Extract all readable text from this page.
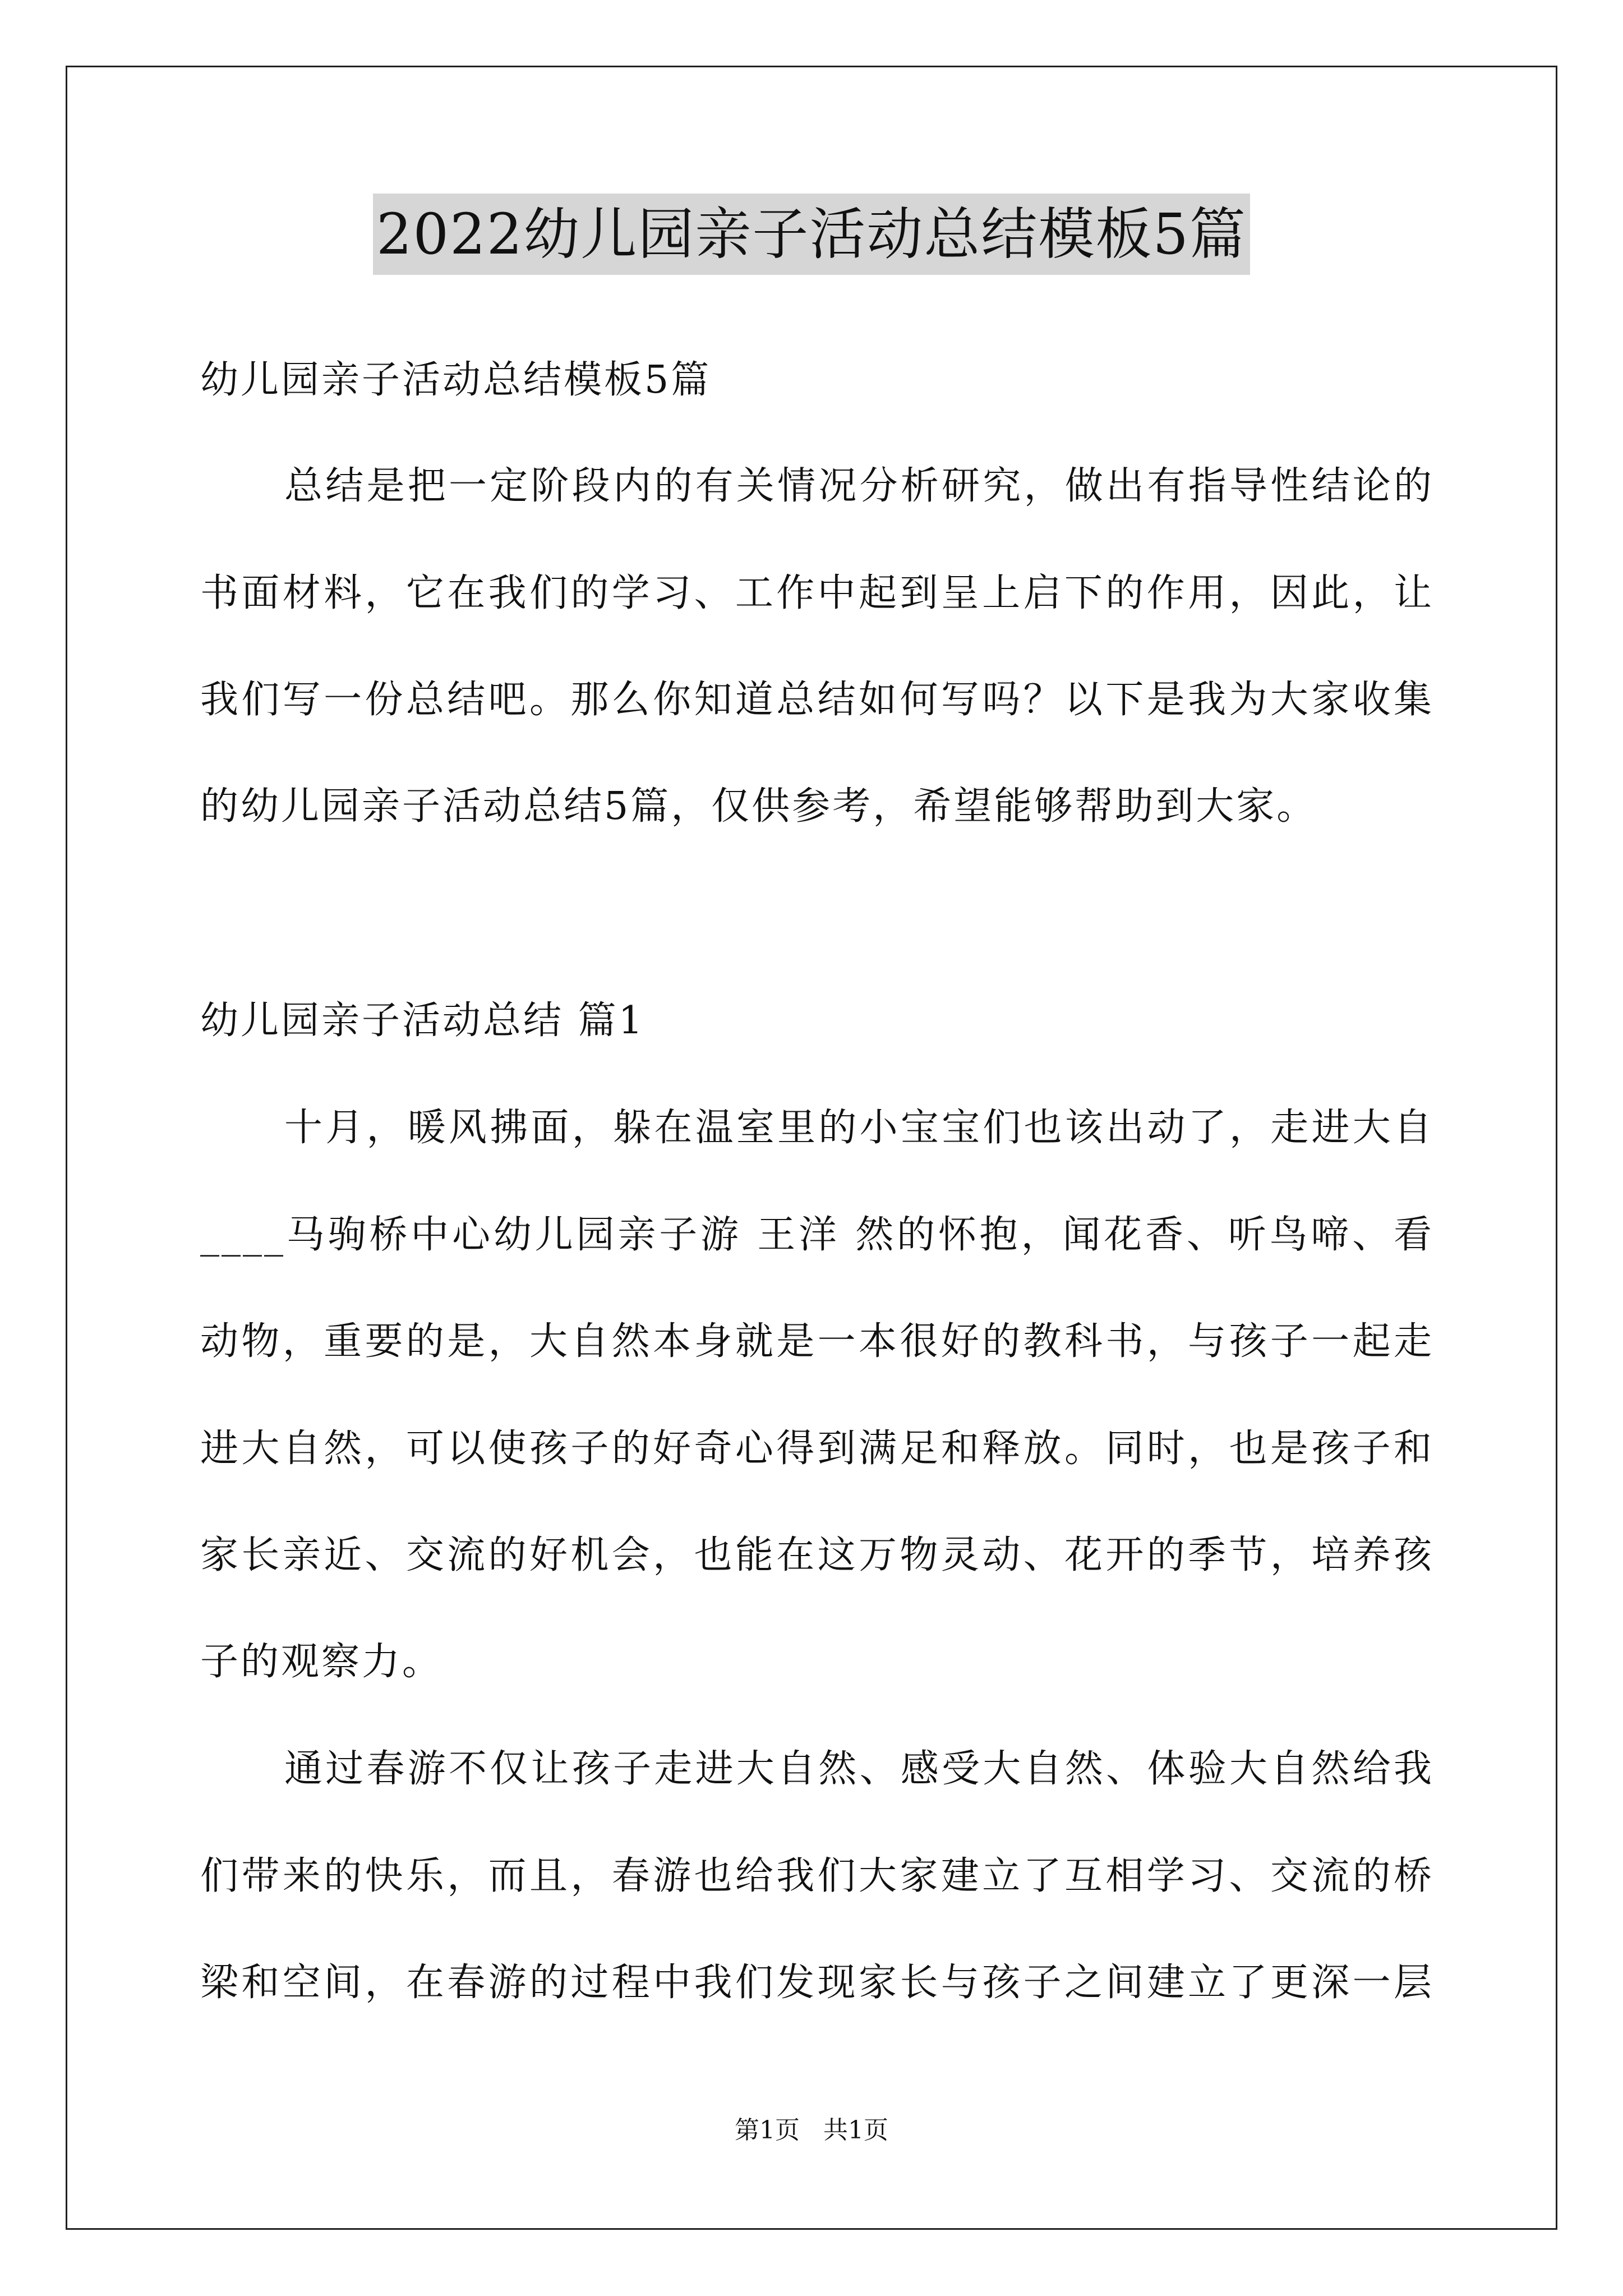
2022幼儿园亲子活动总结模板5篇
幼儿园亲子活动总结模板5篇
总结是把一定阶段内的有关情况分析研究，做出有指导性结论的
书面材料，它在我们的学习、工作中起到呈上启下的作用，因此，让
我们写一份总结吧。那么你知道总结如何写吗？以下是我为大家收集
的幼儿园亲子活动总结5篇，仅供参考，希望能够帮助到大家。
幼儿园亲子活动总结 篇1
十月，暖风拂面，躲在温室里的小宝宝们也该出动了，走进大自
____马驹桥中心幼儿园亲子游 王洋 然的怀抱，闻花香、听鸟啼、看
动物，重要的是，大自然本身就是一本很好的教科书，与孩子一起走
进大自然，可以使孩子的好奇心得到满足和释放。同时，也是孩子和
家长亲近、交流的好机会，也能在这万物灵动、花开的季节，培养孩
子的观察力。
通过春游不仅让孩子走进大自然、感受大自然、体验大自然给我
们带来的快乐，而且，春游也给我们大家建立了互相学习、交流的桥
梁和空间，在春游的过程中我们发现家长与孩子之间建立了更深一层
第1页 共1页
